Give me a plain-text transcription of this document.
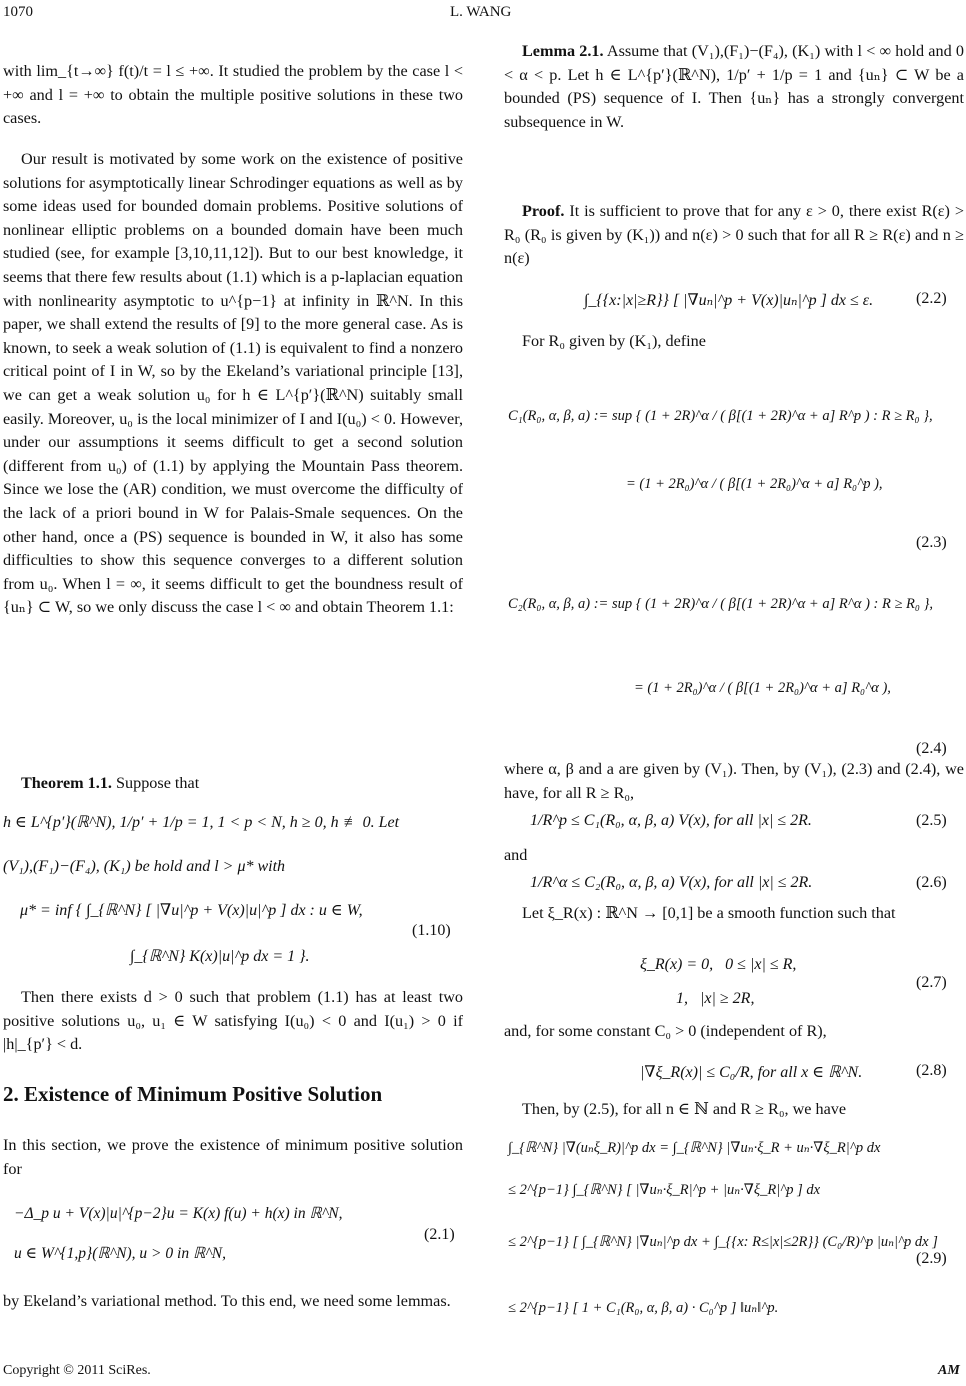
1070	L. WANG
with lim_{t→∞} f(t)/t = l ≤ +∞. It studied the problem by the case l < +∞ and l = +∞ to obtain the multiple positive solutions in these two cases.
Our result is motivated by some work on the existence of positive solutions for asymptotically linear Schrodinger equations as well as by some ideas used for bounded domain problems. Positive solutions of nonlinear elliptic problems on a bounded domain have been much studied (see, for example [3,10,11,12]). But to our best knowledge, it seems that there few results about (1.1) which is a p-laplacian equation with nonlinearity asymptotic to u^{p−1} at infinity in ℝ^N. In this paper, we shall extend the results of [9] to the more general case. As is known, to seek a weak solution of (1.1) is equivalent to find a nonzero critical point of I in W, so by the Ekeland’s variational principle [13], we can get a weak solution u₀ for h ∈ L^{p′}(ℝ^N) suitably small easily. Moreover, u₀ is the local minimizer of I and I(u₀) < 0. However, under our assumptions it seems difficult to get a second solution (different from u₀) of (1.1) by applying the Mountain Pass theorem. Since we lose the (AR) condition, we must overcome the difficulty of the lack of a priori bound in W for Palais-Smale sequences. On the other hand, once a (PS) sequence is bounded in W, it also has some difficulties to show this sequence converges to a different solution from u₀. When l = ∞, it seems difficult to get the boundness result of {uₙ} ⊂ W, so we only discuss the case l < ∞ and obtain Theorem 1.1:

Theorem 1.1. Suppose that

h ∈ L^{p′}(ℝ^N), 1/p′ + 1/p = 1, 1 < p < N, h ≥ 0, h ≢ 0. Let
(V₁),(F₁)−(F₄), (K₁) be hold and l > μ* with
μ* = inf { ∫_{ℝ^N} [ |∇u|^p + V(x)|u|^p ] dx : u ∈ W,
∫_{ℝ^N} K(x)|u|^p dx = 1 }.
(1.10)
Then there exists d > 0 such that problem (1.1) has at least two positive solutions u₀, u₁ ∈ W satisfying I(u₀) < 0 and I(u₁) > 0 if |h|_{p′} < d.
2. Existence of Minimum Positive Solution
In this section, we prove the existence of minimum positive solution for
−Δ_p u + V(x)|u|^{p−2}u = K(x) f(u) + h(x) in ℝ^N,
u ∈ W^{1,p}(ℝ^N), u > 0 in ℝ^N,
(2.1)
by Ekeland’s variational method. To this end, we need some lemmas.

Lemma 2.1. Assume that (V₁),(F₁)−(F₄), (K₁) with l < ∞ hold and 0 < α < p. Let h ∈ L^{p′}(ℝ^N), 1/p′ + 1/p = 1 and {uₙ} ⊂ W be a bounded (PS) sequence of I. Then {uₙ} has a strongly convergent subsequence in W.

Proof. It is sufficient to prove that for any ε > 0, there exist R(ε) > R₀ (R₀ is given by (K₁)) and n(ε) > 0 such that for all R ≥ R(ε) and n ≥ n(ε)

∫_{{x:|x|≥R}} [ |∇uₙ|^p + V(x)|uₙ|^p ] dx ≤ ε.	(2.2)
For R₀ given by (K₁), define
C₁(R₀, α, β, a) := sup { (1 + 2R)^α / ( β[(1 + 2R)^α + a] R^p ) : R ≥ R₀ },
= (1 + 2R₀)^α / ( β[(1 + 2R₀)^α + a] R₀^p ),
(2.3)
C₂(R₀, α, β, a) := sup { (1 + 2R)^α / ( β[(1 + 2R)^α + a] R^α ) : R ≥ R₀ },
= (1 + 2R₀)^α / ( β[(1 + 2R₀)^α + a] R₀^α ),
(2.4)
where α, β and a are given by (V₁). Then, by (V₁), (2.3) and (2.4), we have, for all R ≥ R₀,
1/R^p ≤ C₁(R₀, α, β, a) V(x), for all |x| ≤ 2R.	(2.5)
and
1/R^α ≤ C₂(R₀, α, β, a) V(x), for all |x| ≤ 2R.	(2.6)
Let ξ_R(x) : ℝ^N → [0,1] be a smooth function such that
ξ_R(x) = 0,   0 ≤ |x| ≤ R,
1,   |x| ≥ 2R,
(2.7)
and, for some constant C₀ > 0 (independent of R),
|∇ξ_R(x)| ≤ C₀/R, for all x ∈ ℝ^N.	(2.8)
Then, by (2.5), for all n ∈ ℕ and R ≥ R₀, we have
∫_{ℝ^N} |∇(uₙξ_R)|^p dx = ∫_{ℝ^N} |∇uₙ·ξ_R + uₙ·∇ξ_R|^p dx
≤ 2^{p−1} ∫_{ℝ^N} [ |∇uₙ·ξ_R|^p + |uₙ·∇ξ_R|^p ] dx
≤ 2^{p−1} [ ∫_{ℝ^N} |∇uₙ|^p dx + ∫_{{x: R≤|x|≤2R}} (C₀/R)^p |uₙ|^p dx ]
≤ 2^{p−1} [ 1 + C₁(R₀, α, β, a) · C₀^p ] ‖uₙ‖^p.
(2.9)
Copyright © 2011 SciRes.	AM
